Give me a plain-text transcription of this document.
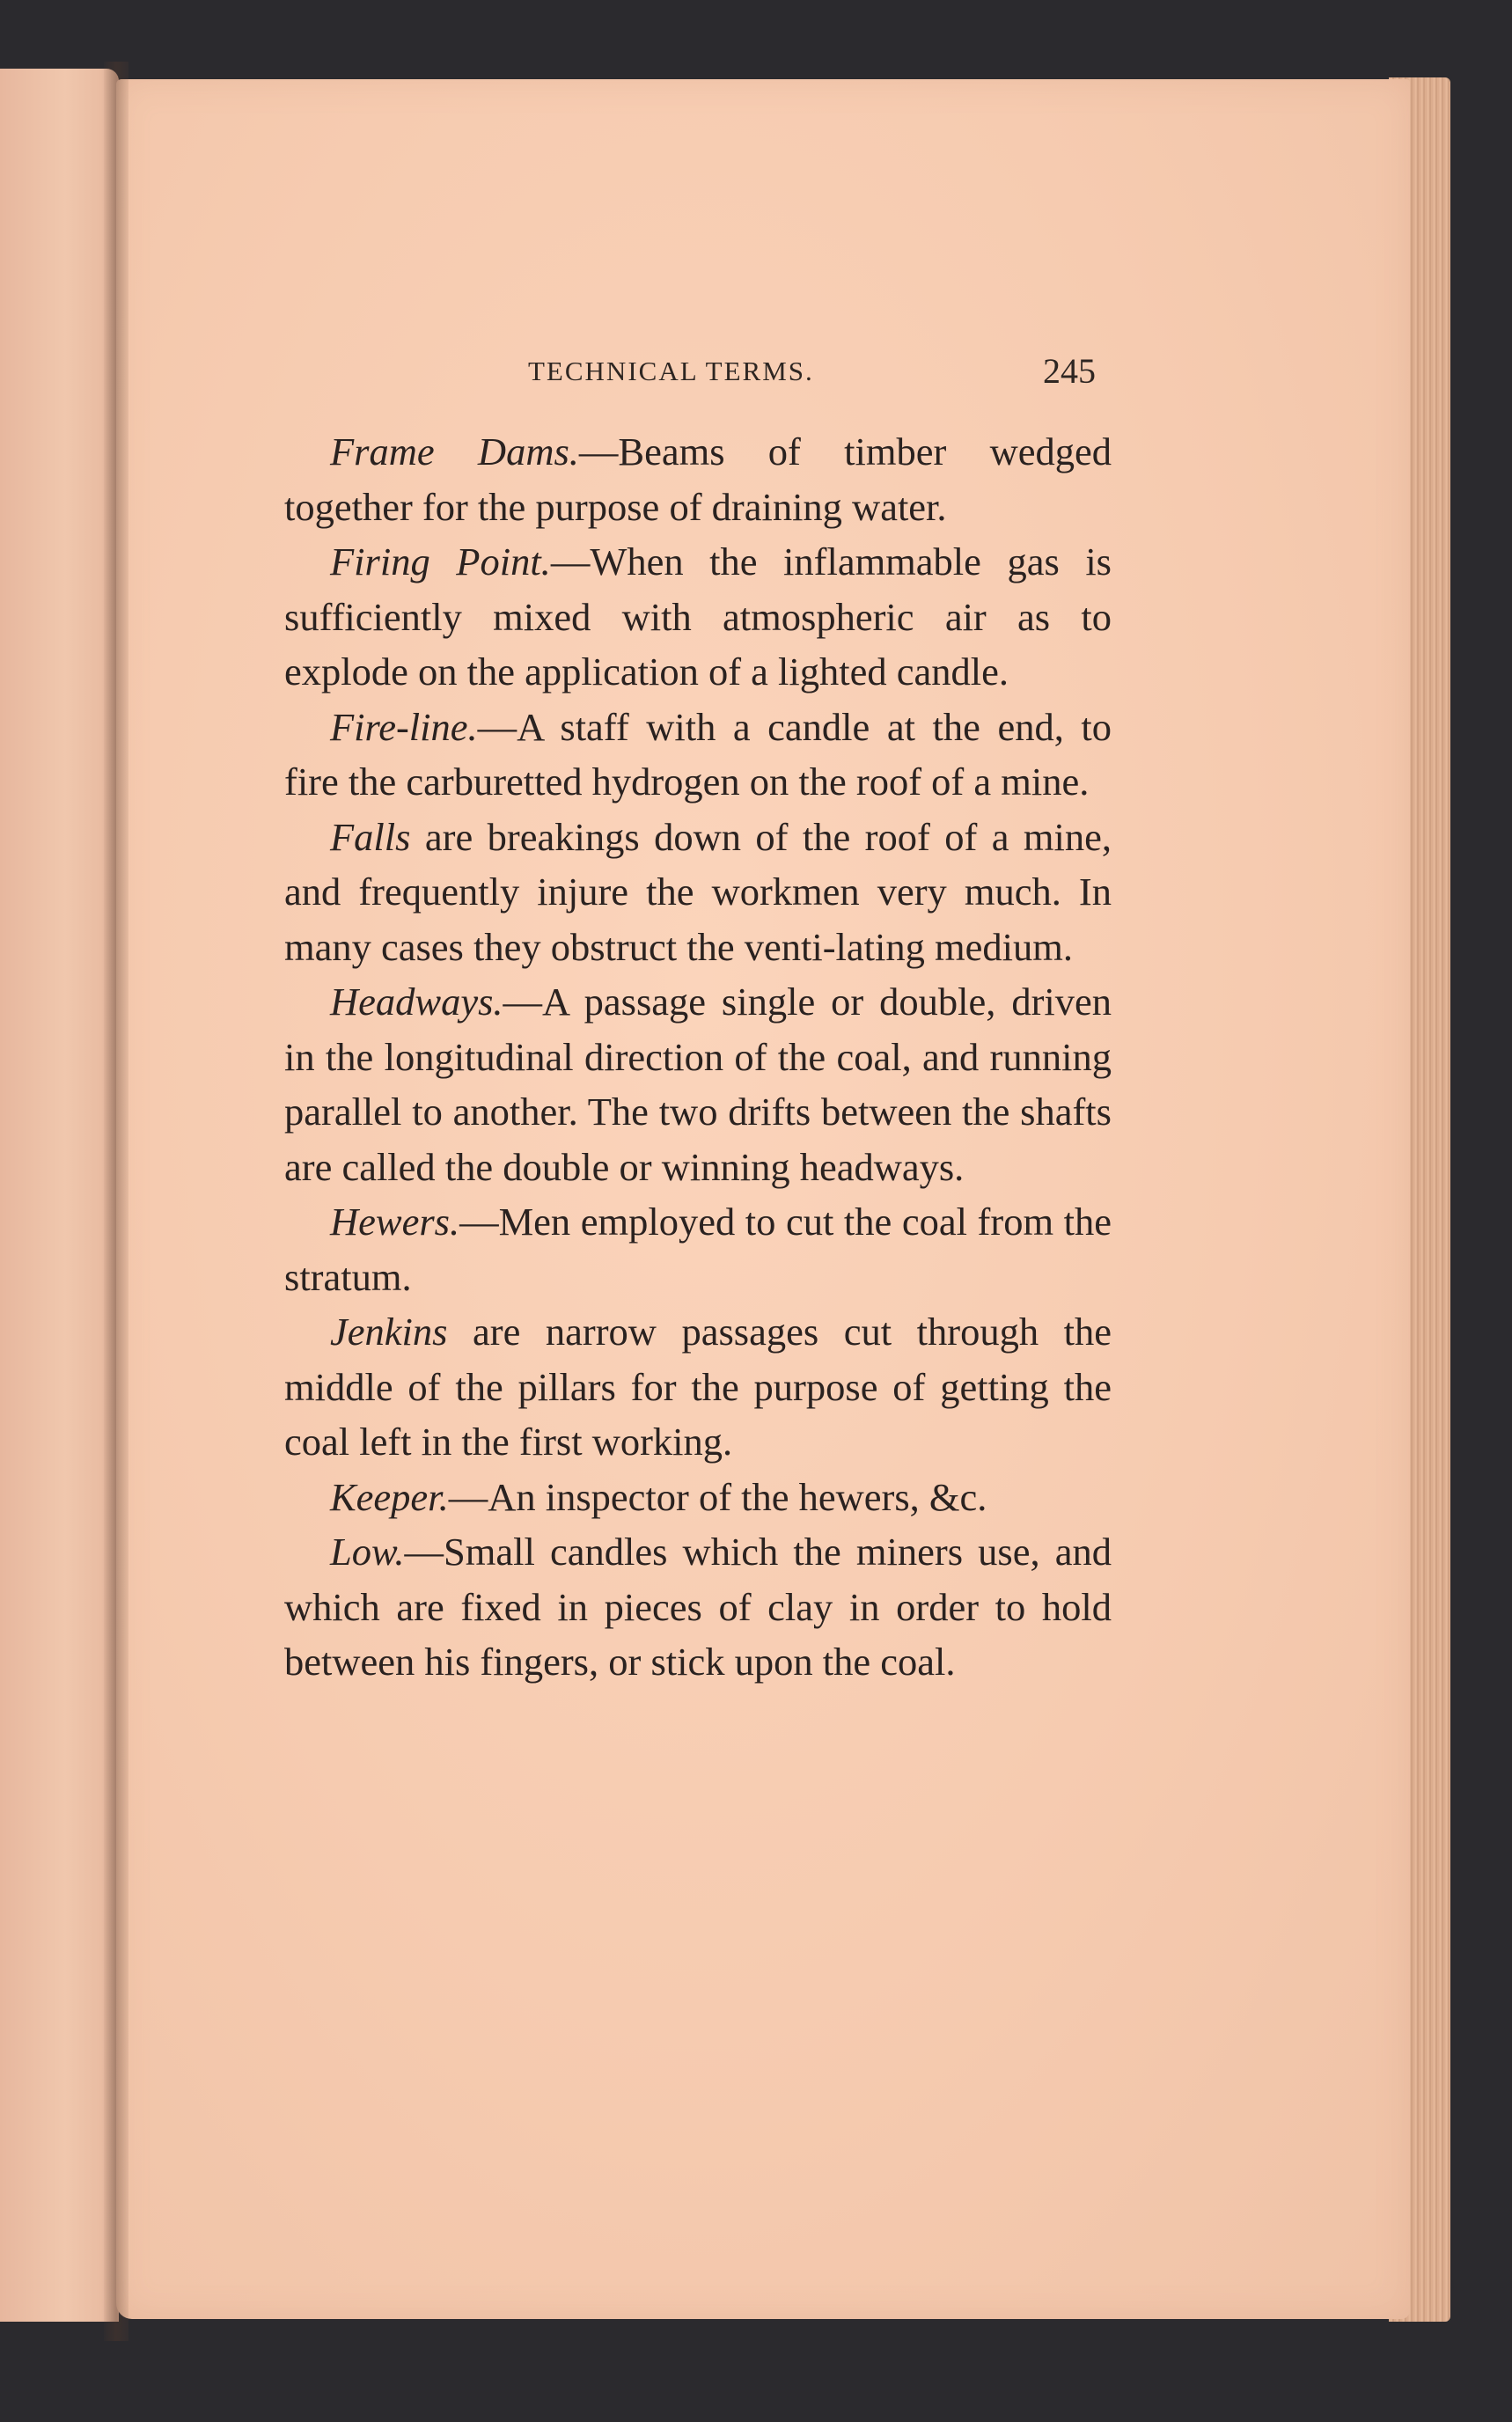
TECHNICAL TERMS.	245

Frame Dams.—Beams of timber wedged together for the purpose of draining water.

Firing Point.—When the inflammable gas is sufficiently mixed with atmospheric air as to explode on the application of a lighted candle.

Fire-line.—A staff with a candle at the end, to fire the carburetted hydrogen on the roof of a mine.

Falls are breakings down of the roof of a mine, and frequently injure the workmen very much. In many cases they obstruct the venti-lating medium.

Headways.—A passage single or double, driven in the longitudinal direction of the coal, and running parallel to another. The two drifts between the shafts are called the double or winning headways.

Hewers.—Men employed to cut the coal from the stratum.

Jenkins are narrow passages cut through the middle of the pillars for the purpose of getting the coal left in the first working.

Keeper.—An inspector of the hewers, &c.

Low.—Small candles which the miners use, and which are fixed in pieces of clay in order to hold between his fingers, or stick upon the coal.
